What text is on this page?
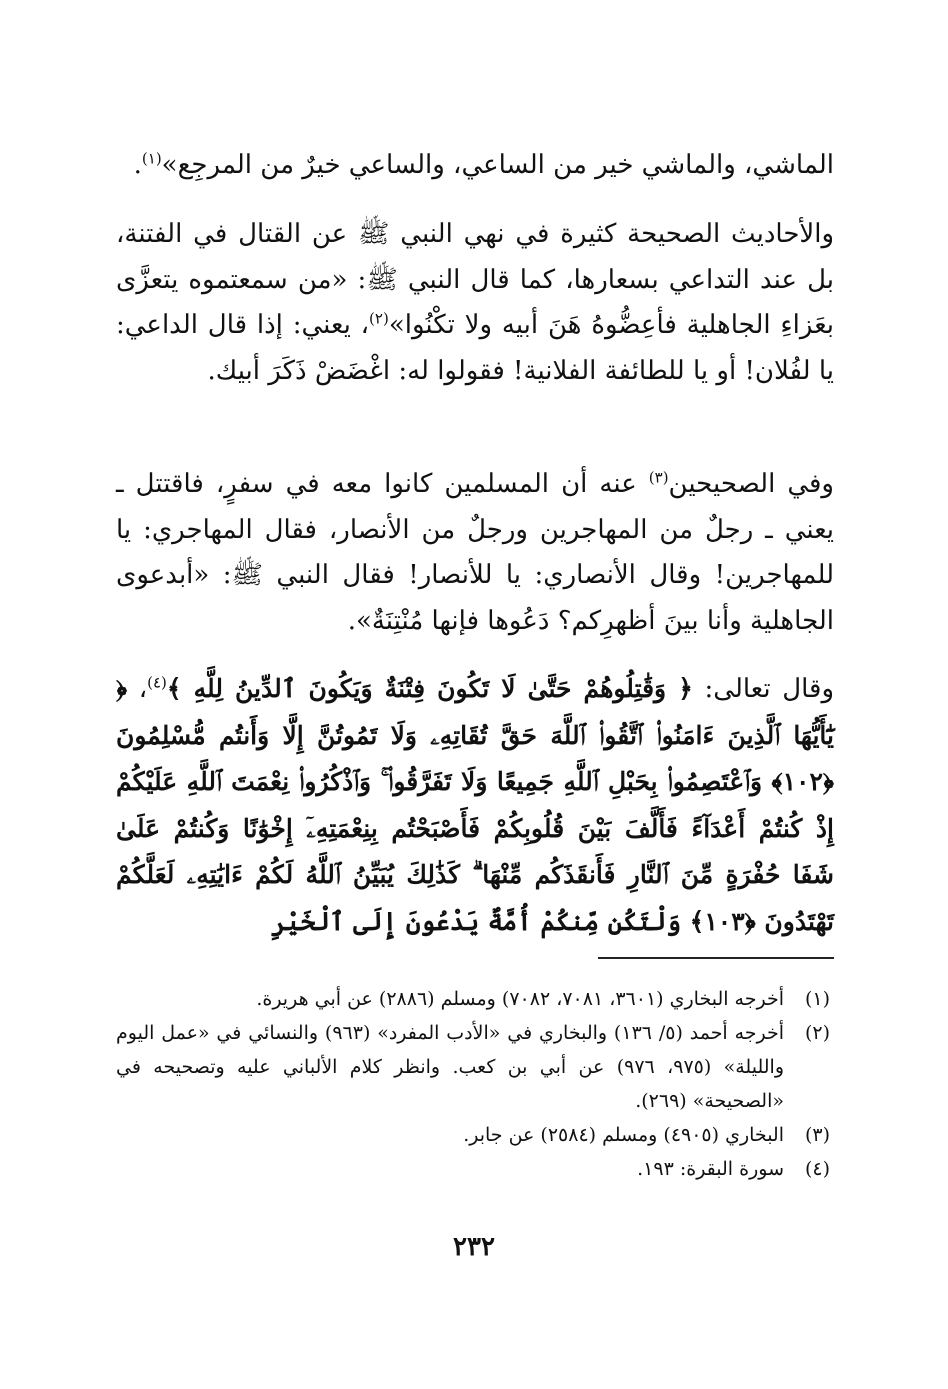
الماشي، والماشي خير من الساعي، والساعي خيرٌ من المرجِع»$^{(١)}$.

والأحاديث الصحيحة كثيرة في نهي النبي ﷺ عن القتال في الفتنة، بل عند التداعي بسعارها، كما قال النبي ﷺ: «من سمعتموه يتعزَّى بعَزاءِ الجاهلية فأعِضُّوهُ هَنَ أبيه ولا تكْنُوا»$^{(٢)}$، يعني: إذا قال الداعي: يا لفُلان! أو يا للطائفة الفلانية! فقولوا له: اغْضَضْ ذَكَرَ أبيك.

وفي الصحيحين$^{(٣)}$ عنه أن المسلمين كانوا معه في سفرٍ، فاقتتل ـ يعني ـ رجلٌ من المهاجرين ورجلٌ من الأنصار، فقال المهاجري: يا للمهاجرين! وقال الأنصاري: يا للأنصار! فقال النبي ﷺ: «أبدعوى الجاهلية وأنا بينَ أظهرِكم؟ دَعُوها فإنها مُنْتِنَةٌ».

وقال تعالى: ﴿ وَقَٰتِلُوهُمْ حَتَّىٰ لَا تَكُونَ فِتْنَةٌ وَيَكُونَ ٱلدِّينُ لِلَّهِ ﴾$^{(٤)}$، ﴿ يَٰٓأَيُّهَا ٱلَّذِينَ ءَامَنُوا۟ ٱتَّقُوا۟ ٱللَّهَ حَقَّ تُقَاتِهِۦ وَلَا تَمُوتُنَّ إِلَّا وَأَنتُم مُّسْلِمُونَ ﴿١٠٢﴾ وَٱعْتَصِمُوا۟ بِحَبْلِ ٱللَّهِ جَمِيعًا وَلَا تَفَرَّقُوا۟ ۚ وَٱذْكُرُوا۟ نِعْمَتَ ٱللَّهِ عَلَيْكُمْ إِذْ كُنتُمْ أَعْدَآءً فَأَلَّفَ بَيْنَ قُلُوبِكُمْ فَأَصْبَحْتُم بِنِعْمَتِهِۦٓ إِخْوَٰنًا وَكُنتُمْ عَلَىٰ شَفَا حُفْرَةٍ مِّنَ ٱلنَّارِ فَأَنقَذَكُم مِّنْهَا ۗ كَذَٰلِكَ يُبَيِّنُ ٱللَّهُ لَكُمْ ءَايَٰتِهِۦ لَعَلَّكُمْ تَهْتَدُونَ ﴿١٠٣﴾ وَلْتَكُن مِّنكُمْ أُمَّةٌ يَدْعُونَ إِلَى ٱلْخَيْرِ

(١)
أخرجه البخاري (٣٦٠١، ٧٠٨١، ٧٠٨٢) ومسلم (٢٨٨٦) عن أبي هريرة.
(٢)
أخرجه أحمد (٥/ ١٣٦) والبخاري في «الأدب المفرد» (٩٦٣) والنسائي في «عمل اليوم والليلة» (٩٧٥، ٩٧٦) عن أبي بن كعب. وانظر كلام الألباني عليه وتصحيحه في «الصحيحة» (٢٦٩).
(٣)
البخاري (٤٩٠٥) ومسلم (٢٥٨٤) عن جابر.
(٤)
سورة البقرة: ١٩٣.
٢٣٢
